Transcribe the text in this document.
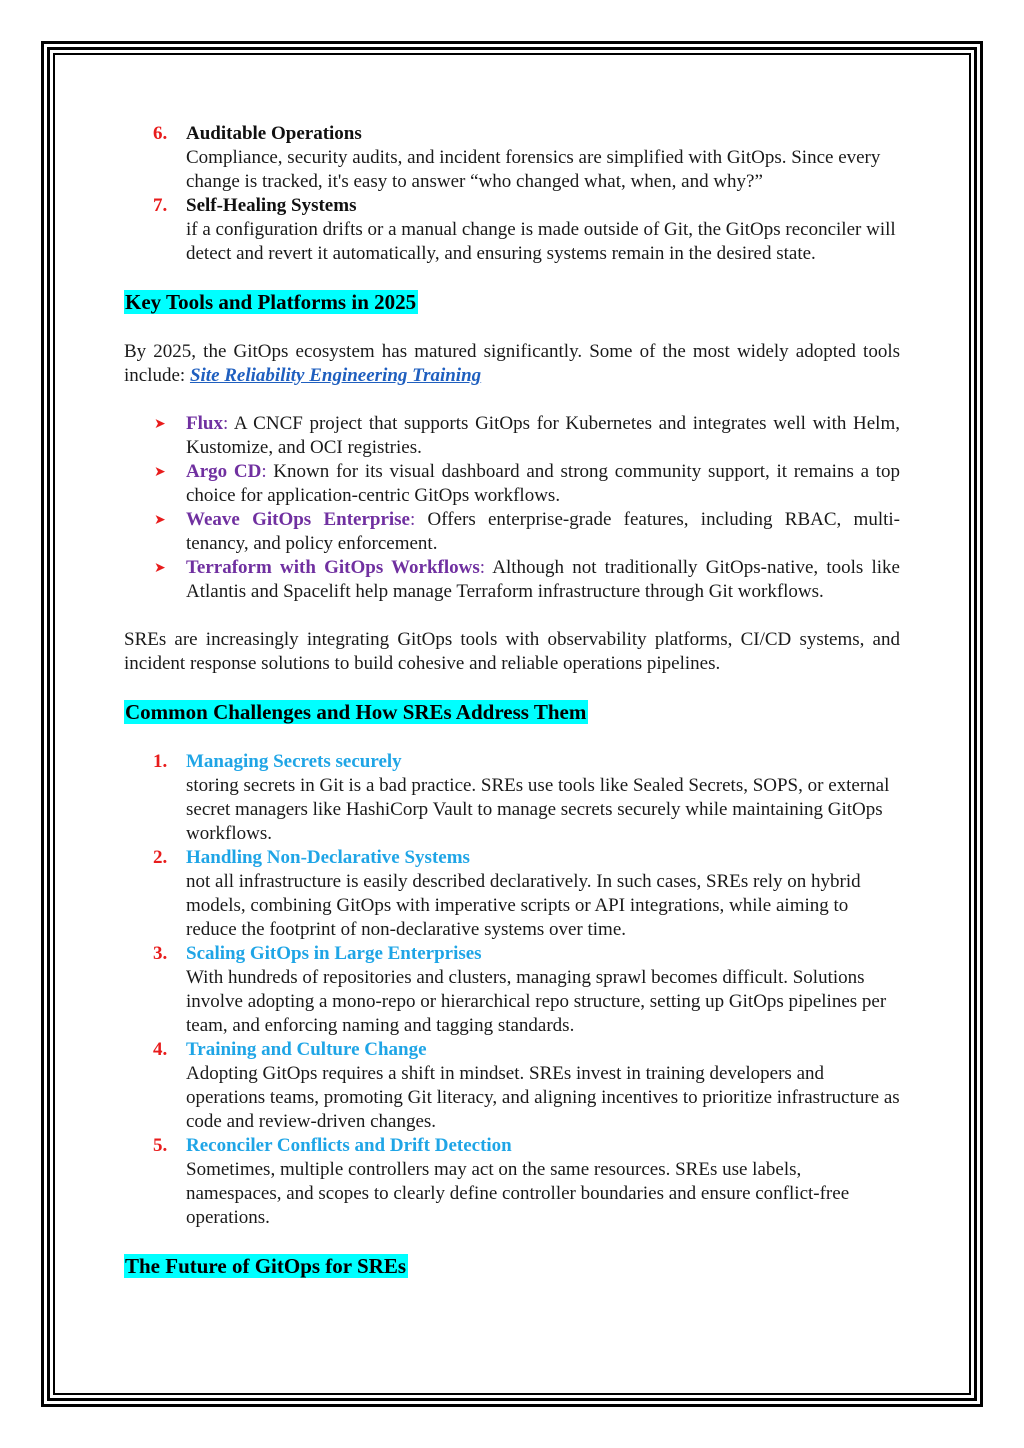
6. Auditable Operations
Compliance, security audits, and incident forensics are simplified with GitOps. Since every change is tracked, it's easy to answer “who changed what, when, and why?”
7. Self-Healing Systems
if a configuration drifts or a manual change is made outside of Git, the GitOps reconciler will detect and revert it automatically, and ensuring systems remain in the desired state.
Key Tools and Platforms in 2025

By 2025, the GitOps ecosystem has matured significantly. Some of the most widely adopted tools include: Site Reliability Engineering Training

➤ Flux: A CNCF project that supports GitOps for Kubernetes and integrates well with Helm, Kustomize, and OCI registries.
➤ Argo CD: Known for its visual dashboard and strong community support, it remains a top choice for application-centric GitOps workflows.
➤ Weave GitOps Enterprise: Offers enterprise-grade features, including RBAC, multi-tenancy, and policy enforcement.
➤ Terraform with GitOps Workflows: Although not traditionally GitOps-native, tools like Atlantis and Spacelift help manage Terraform infrastructure through Git workflows.

SREs are increasingly integrating GitOps tools with observability platforms, CI/CD systems, and incident response solutions to build cohesive and reliable operations pipelines.

Common Challenges and How SREs Address Them
1. Managing Secrets securely
storing secrets in Git is a bad practice. SREs use tools like Sealed Secrets, SOPS, or external secret managers like HashiCorp Vault to manage secrets securely while maintaining GitOps workflows.
2. Handling Non-Declarative Systems
not all infrastructure is easily described declaratively. In such cases, SREs rely on hybrid models, combining GitOps with imperative scripts or API integrations, while aiming to reduce the footprint of non-declarative systems over time.
3. Scaling GitOps in Large Enterprises
With hundreds of repositories and clusters, managing sprawl becomes difficult. Solutions involve adopting a mono-repo or hierarchical repo structure, setting up GitOps pipelines per team, and enforcing naming and tagging standards.
4. Training and Culture Change
Adopting GitOps requires a shift in mindset. SREs invest in training developers and operations teams, promoting Git literacy, and aligning incentives to prioritize infrastructure as code and review-driven changes.
5. Reconciler Conflicts and Drift Detection
Sometimes, multiple controllers may act on the same resources. SREs use labels, namespaces, and scopes to clearly define controller boundaries and ensure conflict-free operations.
The Future of GitOps for SREs
